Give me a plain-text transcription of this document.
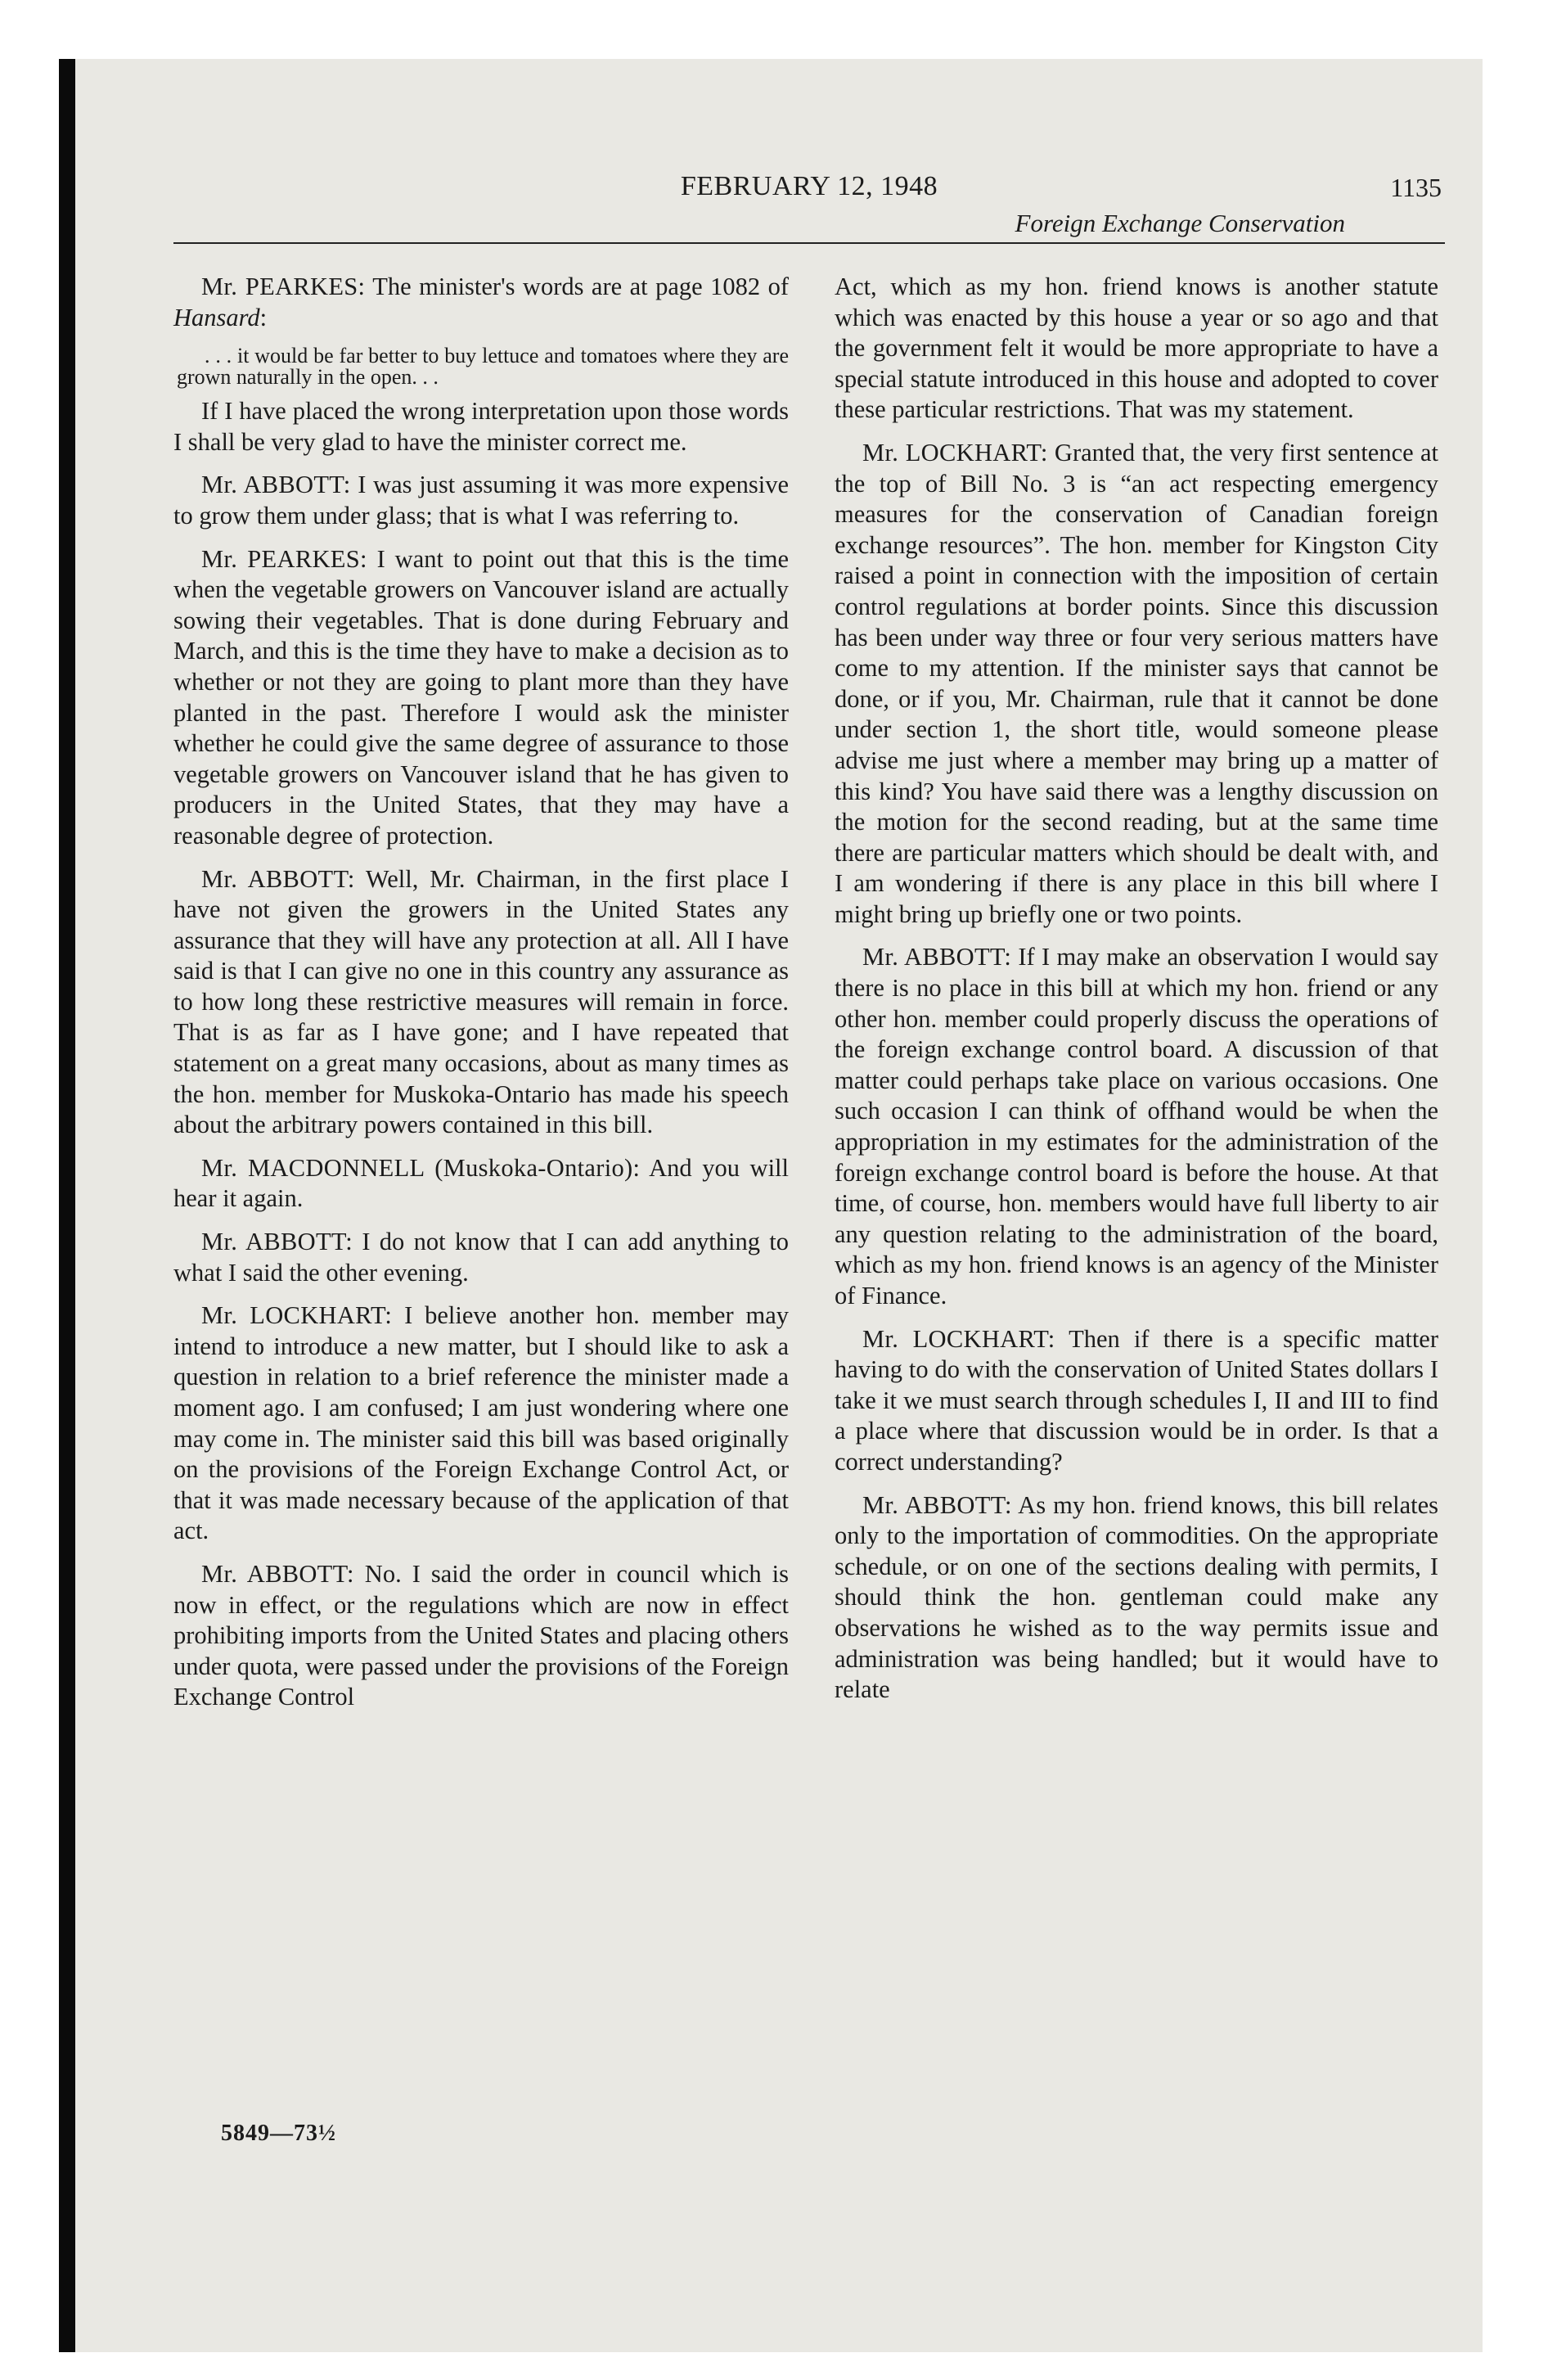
FEBRUARY 12, 1948	1135
Foreign Exchange Conservation

Mr. PEARKES: The minister's words are at page 1082 of Hansard:

. . . it would be far better to buy lettuce and tomatoes where they are grown naturally in the open. . .

If I have placed the wrong interpretation upon those words I shall be very glad to have the minister correct me.

Mr. ABBOTT: I was just assuming it was more expensive to grow them under glass; that is what I was referring to.

Mr. PEARKES: I want to point out that this is the time when the vegetable growers on Vancouver island are actually sowing their vegetables. That is done during February and March, and this is the time they have to make a decision as to whether or not they are going to plant more than they have planted in the past. Therefore I would ask the minister whether he could give the same degree of assurance to those vegetable growers on Vancouver island that he has given to producers in the United States, that they may have a reasonable degree of protection.

Mr. ABBOTT: Well, Mr. Chairman, in the first place I have not given the growers in the United States any assurance that they will have any protection at all. All I have said is that I can give no one in this country any assurance as to how long these restrictive measures will remain in force. That is as far as I have gone; and I have repeated that statement on a great many occasions, about as many times as the hon. member for Muskoka-Ontario has made his speech about the arbitrary powers contained in this bill.

Mr. MACDONNELL (Muskoka-Ontario): And you will hear it again.

Mr. ABBOTT: I do not know that I can add anything to what I said the other evening.

Mr. LOCKHART: I believe another hon. member may intend to introduce a new matter, but I should like to ask a question in relation to a brief reference the minister made a moment ago. I am confused; I am just wondering where one may come in. The minister said this bill was based originally on the provisions of the Foreign Exchange Control Act, or that it was made necessary because of the application of that act.

Mr. ABBOTT: No. I said the order in council which is now in effect, or the regulations which are now in effect prohibiting imports from the United States and placing others under quota, were passed under the provisions of the Foreign Exchange Control

Act, which as my hon. friend knows is another statute which was enacted by this house a year or so ago and that the government felt it would be more appropriate to have a special statute introduced in this house and adopted to cover these particular restrictions. That was my statement.

Mr. LOCKHART: Granted that, the very first sentence at the top of Bill No. 3 is “an act respecting emergency measures for the conservation of Canadian foreign exchange resources”. The hon. member for Kingston City raised a point in connection with the imposition of certain control regulations at border points. Since this discussion has been under way three or four very serious matters have come to my attention. If the minister says that cannot be done, or if you, Mr. Chairman, rule that it cannot be done under section 1, the short title, would someone please advise me just where a member may bring up a matter of this kind? You have said there was a lengthy discussion on the motion for the second reading, but at the same time there are particular matters which should be dealt with, and I am wondering if there is any place in this bill where I might bring up briefly one or two points.

Mr. ABBOTT: If I may make an observation I would say there is no place in this bill at which my hon. friend or any other hon. member could properly discuss the operations of the foreign exchange control board. A discussion of that matter could perhaps take place on various occasions. One such occasion I can think of offhand would be when the appropriation in my estimates for the administration of the foreign exchange control board is before the house. At that time, of course, hon. members would have full liberty to air any question relating to the administration of the board, which as my hon. friend knows is an agency of the Minister of Finance.

Mr. LOCKHART: Then if there is a specific matter having to do with the conservation of United States dollars I take it we must search through schedules I, II and III to find a place where that discussion would be in order. Is that a correct understanding?

Mr. ABBOTT: As my hon. friend knows, this bill relates only to the importation of commodities. On the appropriate schedule, or on one of the sections dealing with permits, I should think the hon. gentleman could make any observations he wished as to the way permits issue and administration was being handled; but it would have to relate

5849—73½
